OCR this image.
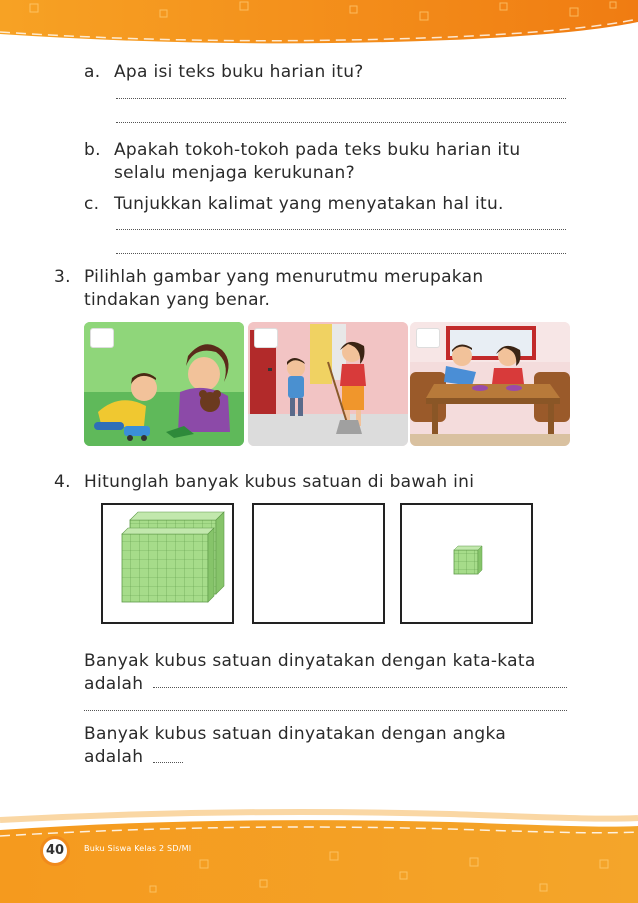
a. Apa isi teks buku harian itu?
b. Apakah tokoh-tokoh pada teks buku harian itu
selalu menjaga kerukunan?
c. Tunjukkan kalimat yang menyatakan hal itu.
3. Pilihlah gambar yang menurutmu merupakan
tindakan yang benar.
4. Hitunglah banyak kubus satuan di bawah ini
Banyak kubus satuan dinyatakan dengan kata-kata
adalah
Banyak kubus satuan dinyatakan dengan angka
adalah
40	Buku Siswa Kelas 2 SD/MI
